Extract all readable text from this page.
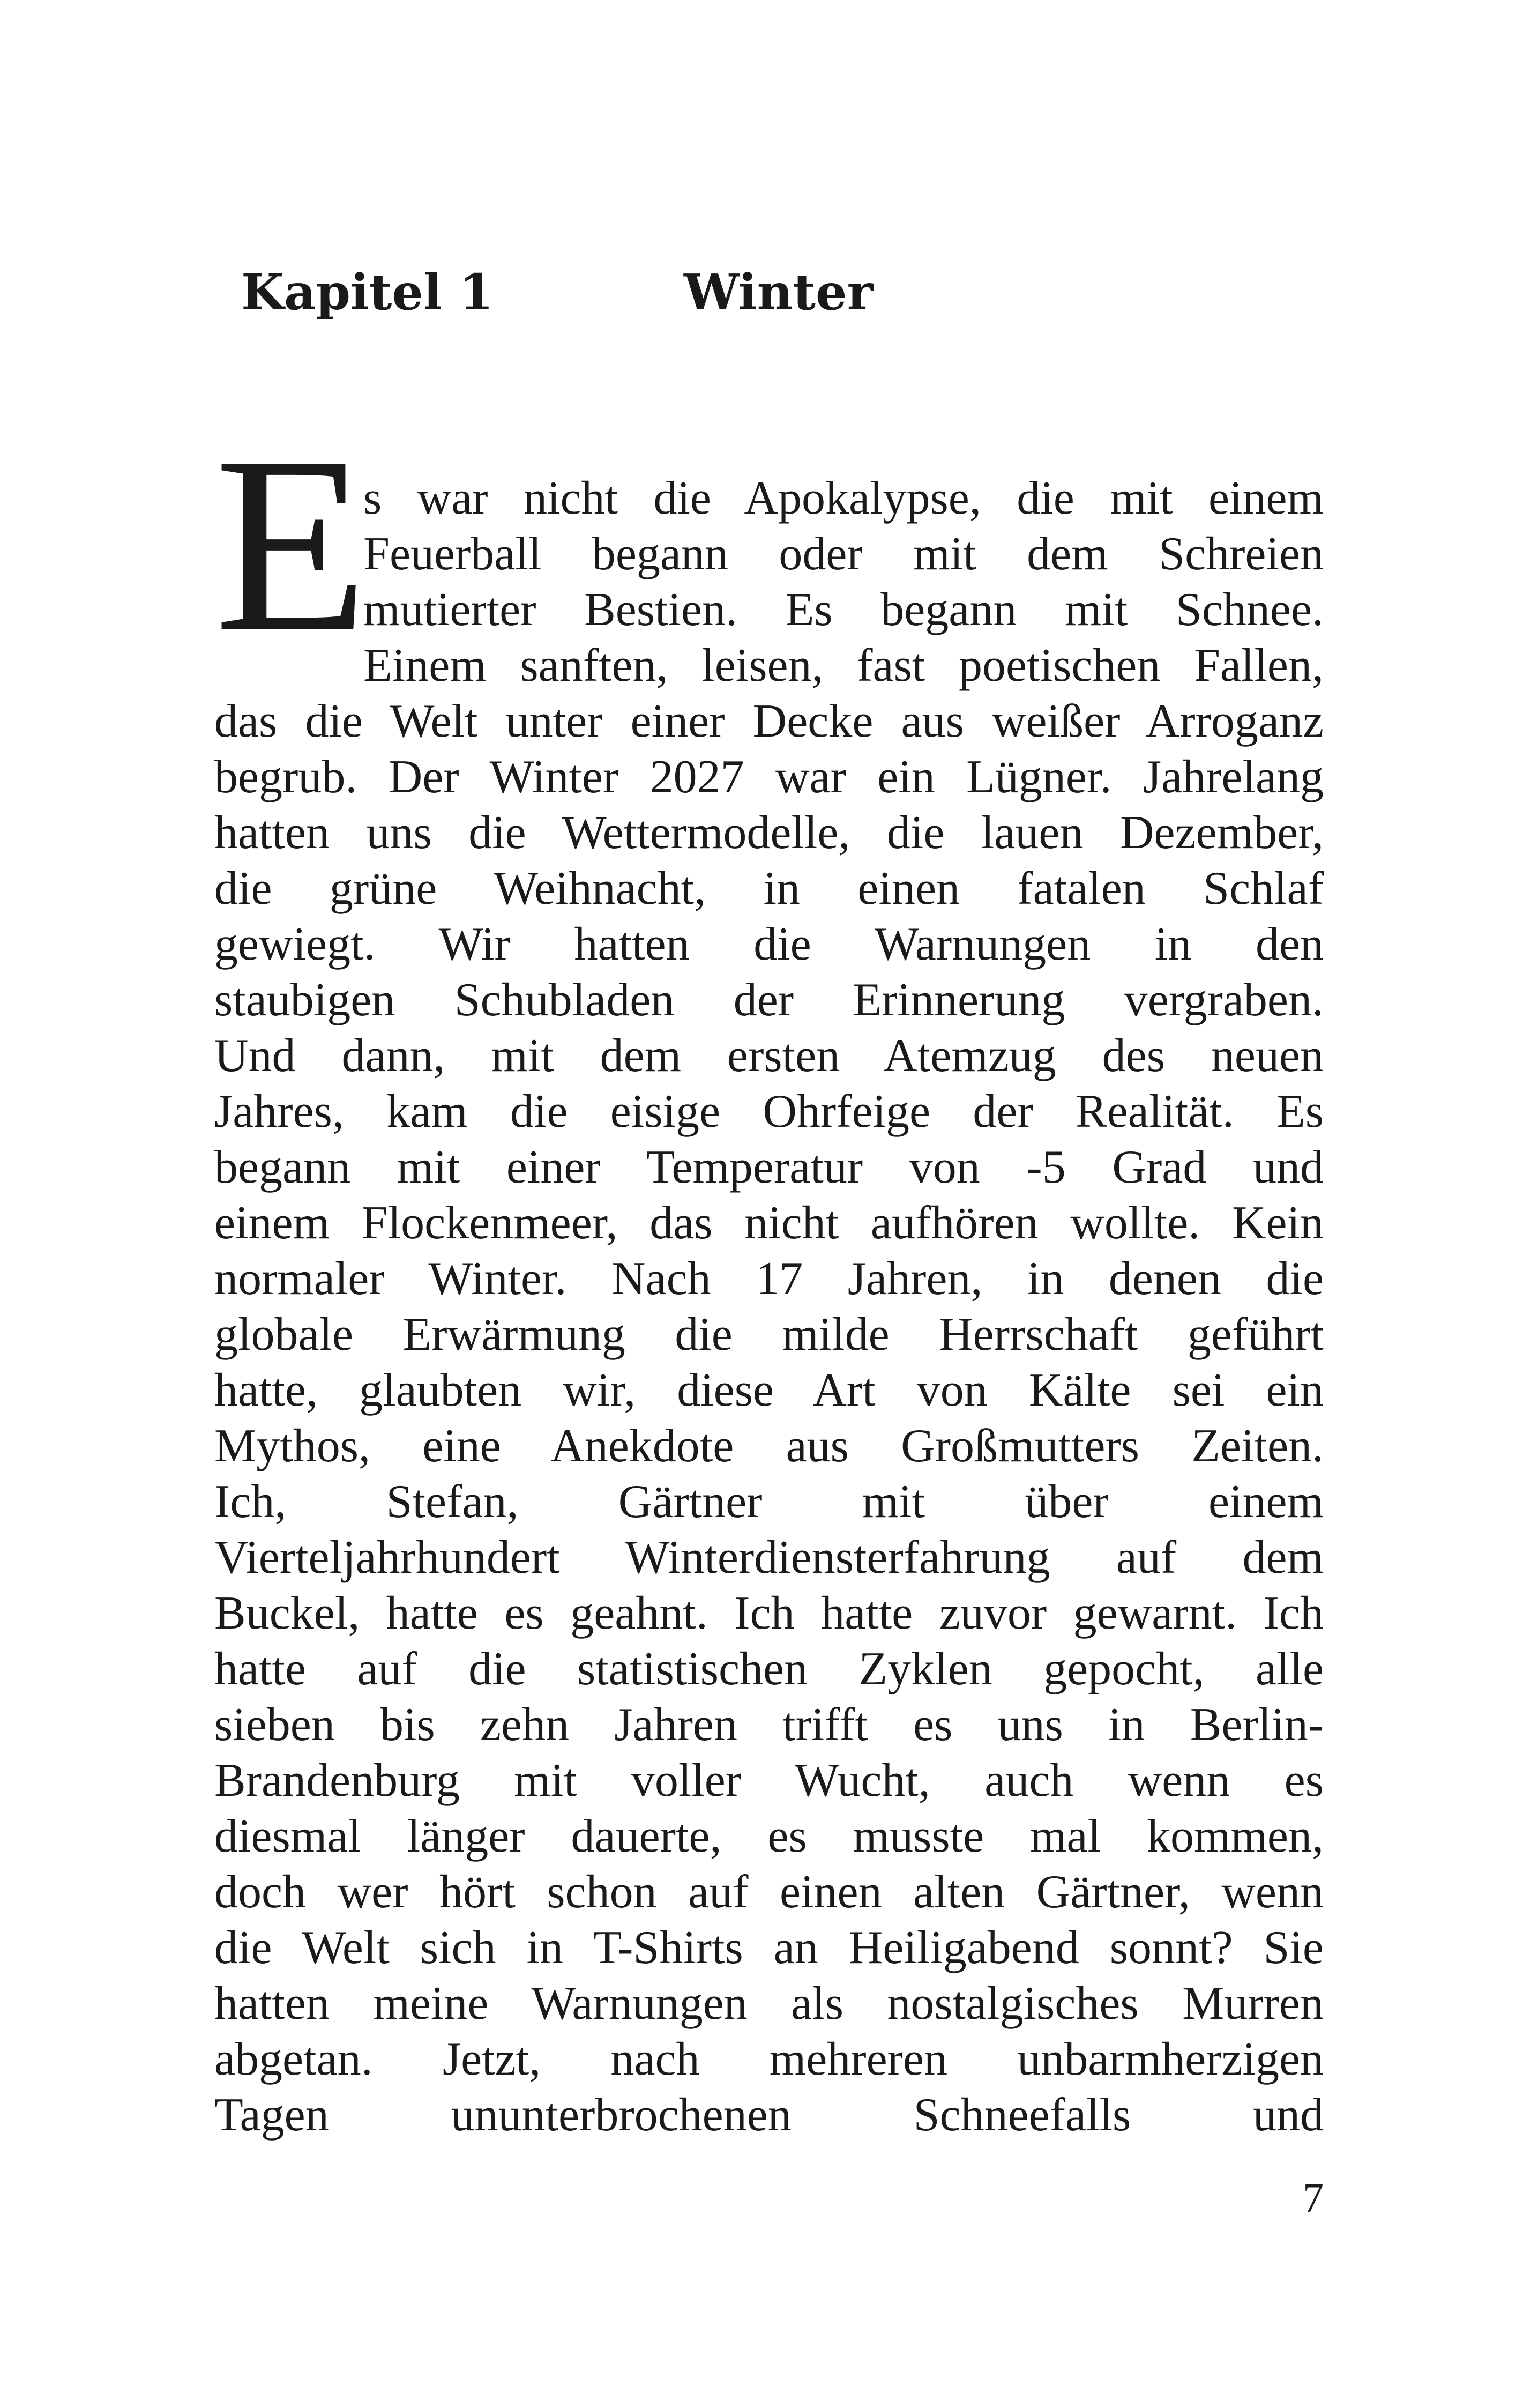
Kapitel 1	Winter
E
s war nicht die Apokalypse, die mit einem
Feuerball begann oder mit dem Schreien
mutierter Bestien. Es begann mit Schnee.
Einem sanften, leisen, fast poetischen Fallen,
das die Welt unter einer Decke aus weißer Arroganz
begrub. Der Winter 2027 war ein Lügner. Jahrelang
hatten uns die Wettermodelle, die lauen Dezember,
die grüne Weihnacht, in einen fatalen Schlaf
gewiegt. Wir hatten die Warnungen in den
staubigen Schubladen der Erinnerung vergraben.
Und dann, mit dem ersten Atemzug des neuen
Jahres, kam die eisige Ohrfeige der Realität. Es
begann mit einer Temperatur von -5 Grad und
einem Flockenmeer, das nicht aufhören wollte. Kein
normaler Winter. Nach 17 Jahren, in denen die
globale Erwärmung die milde Herrschaft geführt
hatte, glaubten wir, diese Art von Kälte sei ein
Mythos, eine Anekdote aus Großmutters Zeiten.
Ich, Stefan, Gärtner mit über einem
Vierteljahrhundert Winterdiensterfahrung auf dem
Buckel, hatte es geahnt. Ich hatte zuvor gewarnt. Ich
hatte auf die statistischen Zyklen gepocht, alle
sieben bis zehn Jahren trifft es uns in Berlin-
Brandenburg mit voller Wucht, auch wenn es
diesmal länger dauerte, es musste mal kommen,
doch wer hört schon auf einen alten Gärtner, wenn
die Welt sich in T-Shirts an Heiligabend sonnt? Sie
hatten meine Warnungen als nostalgisches Murren
abgetan. Jetzt, nach mehreren unbarmherzigen
Tagen ununterbrochenen Schneefalls und
7
